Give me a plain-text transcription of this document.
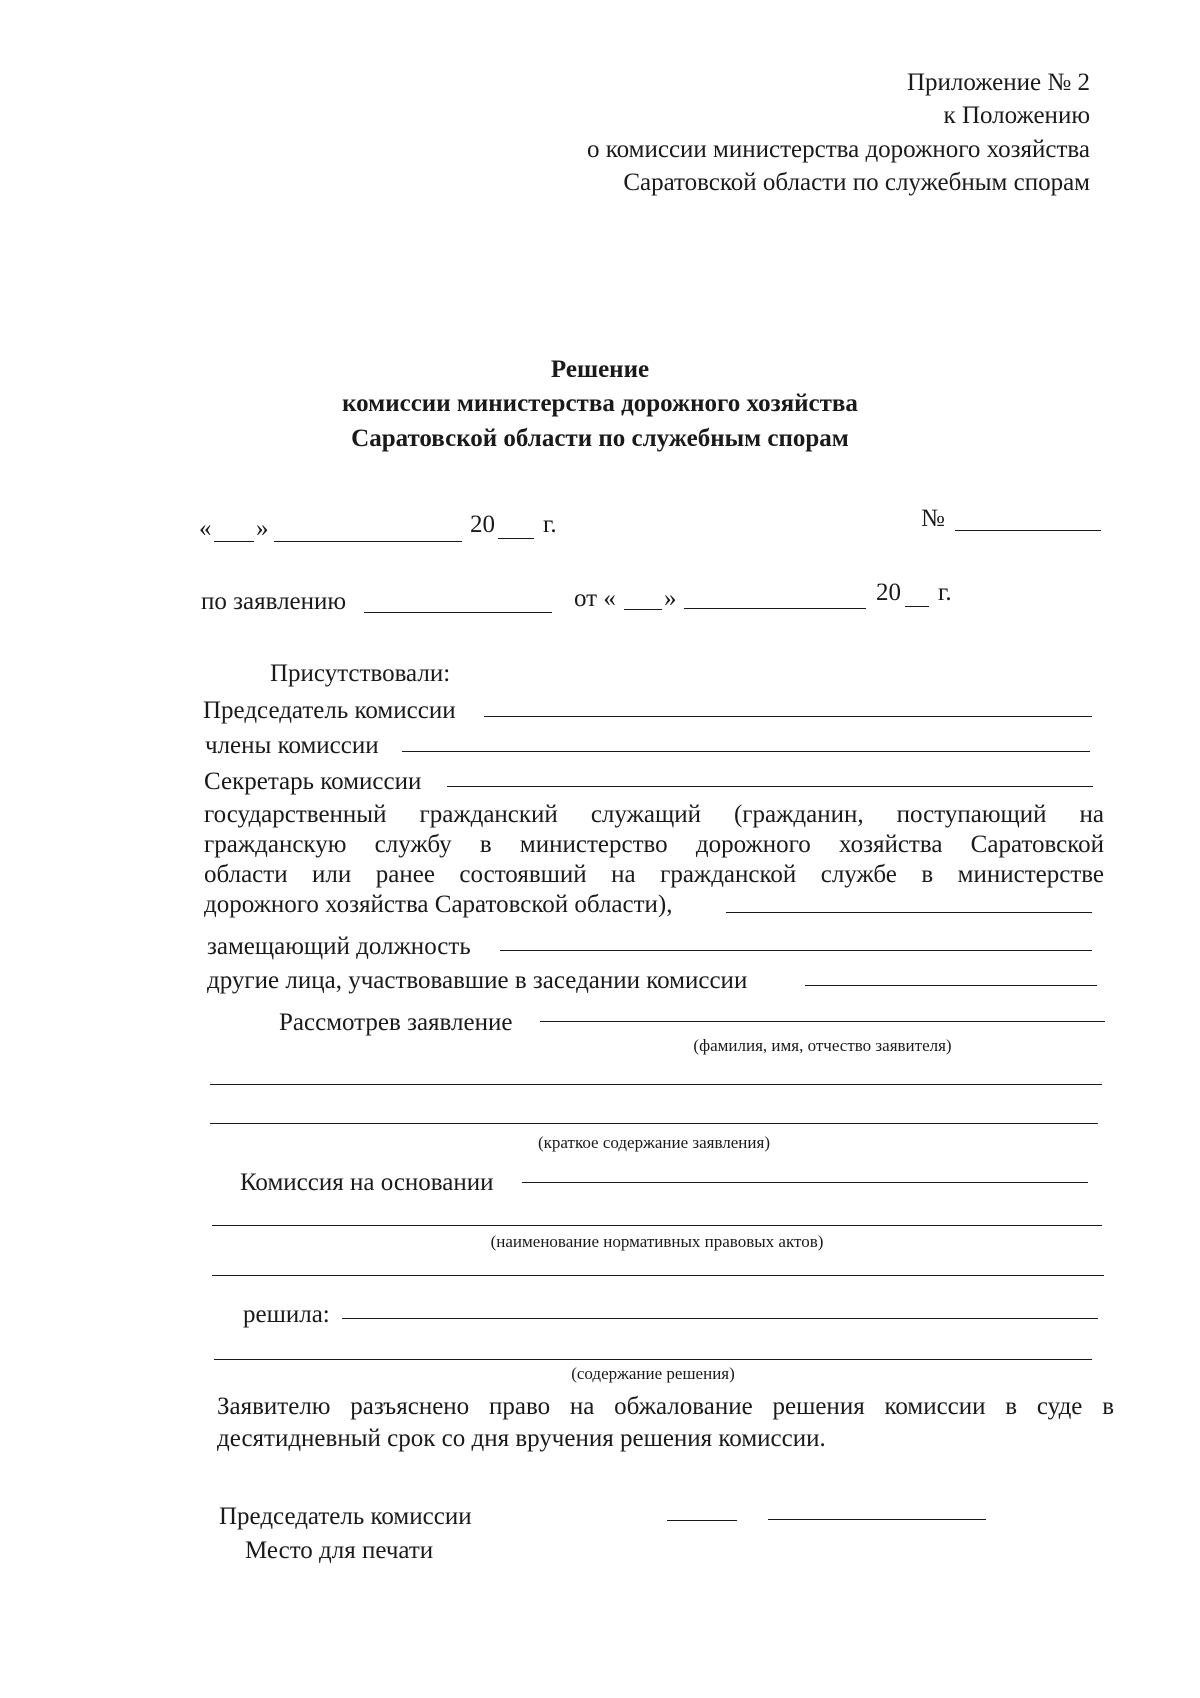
Приложение № 2
к Положению
о комиссии министерства дорожного хозяйства
Саратовской области по служебным спорам
Решение
комиссии министерства дорожного хозяйства
Саратовской области по служебным спорам
« »	20 г.	№
по заявлению	от « »	20 г.
Присутствовали:
Председатель комиссии
члены комиссии
Секретарь комиссии
государственный гражданский служащий (гражданин, поступающий на
гражданскую службу в министерство дорожного хозяйства Саратовской
области или ранее состоявший на гражданской службе в министерстве
дорожного хозяйства Саратовской области),
замещающий должность
другие лица, участвовавшие в заседании комиссии
Рассмотрев заявление
(фамилия, имя, отчество заявителя)
(краткое содержание заявления)
Комиссия на основании
(наименование нормативных правовых актов)
решила:
(содержание решения)
Заявителю разъяснено право на обжалование решения комиссии в суде в
десятидневный срок со дня вручения решения комиссии.
Председатель комиссии
Место для печати
